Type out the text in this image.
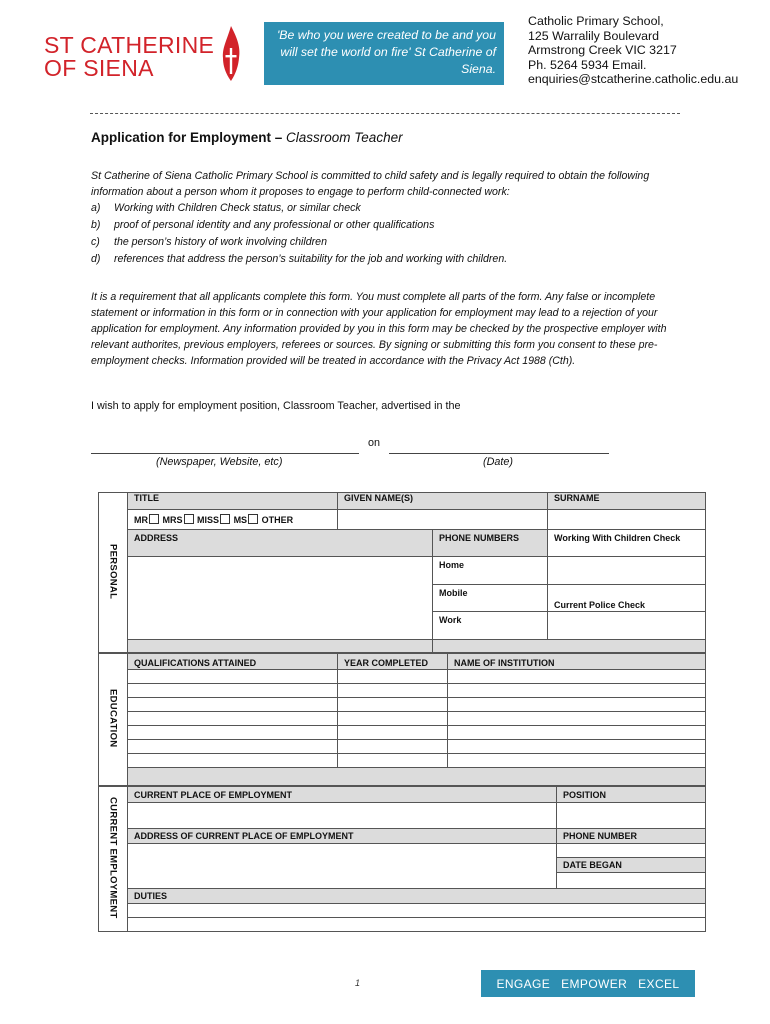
ST CATHERINE
OF SIENA
'Be who you were created to be and you will set the world on fire' St Catherine of Siena.
Catholic Primary School,
125 Warralily Boulevard
Armstrong Creek VIC 3217
Ph. 5264 5934 Email.
enquiries@stcatherine.catholic.edu.au
Application for Employment – Classroom Teacher
St Catherine of Siena Catholic Primary School is committed to child safety and is legally required to obtain the following information about a person whom it proposes to engage to perform child-connected work:
a) Working with Children Check status, or similar check
b) proof of personal identity and any professional or other qualifications
c) the person’s history of work involving children
d) references that address the person’s suitability for the job and working with children.
It is a requirement that all applicants complete this form. You must complete all parts of the form. Any false or incomplete statement or information in this form or in connection with your application for employment may lead to a rejection of your application for employment. Any information provided by you in this form may be checked by the prospective employer with relevant authorites, previous employers, referees or sources. By signing or submitting this form you consent to these pre-employment checks. Information provided will be treated in accordance with the Privacy Act 1988 (Cth).
I wish to apply for employment position, Classroom Teacher, advertised in the
on
(Newspaper, Website, etc)	(Date)
PERSONAL	TITLE	GIVEN NAME(S)		SURNAME
	MR MRS MISS MS OTHER			
	ADDRESS		PHONE NUMBERS	Working With Children Check
			Home	
			Mobile	Current Police Check
			Work	

EDUCATION	QUALIFICATIONS ATTAINED	YEAR COMPLETED	NAME OF INSTITUTION

CURRENT EMPLOYMENT	CURRENT PLACE OF EMPLOYMENT	POSITION

	ADDRESS OF CURRENT PLACE OF EMPLOYMENT	PHONE NUMBER

		DATE BEGAN

	DUTIES	

1	ENGAGE EMPOWER EXCEL
